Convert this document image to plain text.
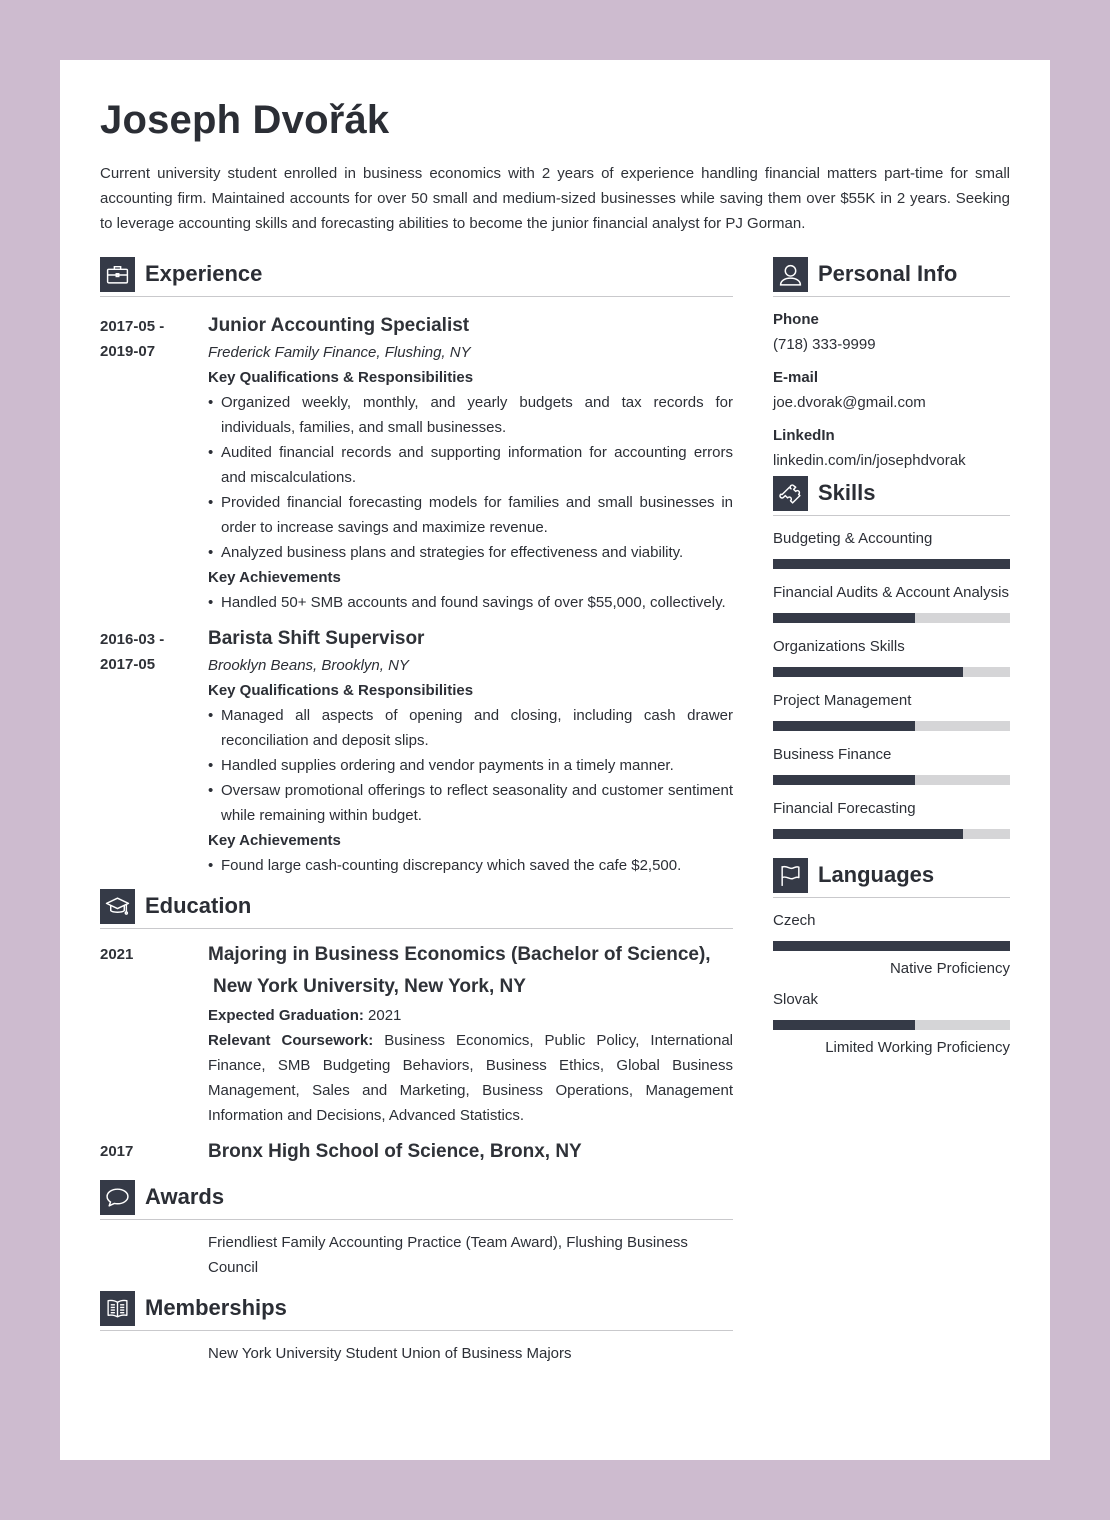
Joseph Dvořák

Current university student enrolled in business economics with 2 years of experience handling financial matters part-time for small accounting firm. Maintained accounts for over 50 small and medium-sized businesses while saving them over $55K in 2 years. Seeking to leverage accounting skills and forecasting abilities to become the junior financial analyst for PJ Gorman.

Experience
2017-05 -
2019-07
Junior Accounting Specialist
Frederick Family Finance, Flushing, NY
Key Qualifications & Responsibilities
• Organized weekly, monthly, and yearly budgets and tax records for individuals, families, and small businesses.
• Audited financial records and supporting information for accounting errors and miscalculations.
• Provided financial forecasting models for families and small businesses in order to increase savings and maximize revenue.
• Analyzed business plans and strategies for effectiveness and viability.
Key Achievements
• Handled 50+ SMB accounts and found savings of over $55,000, collectively.
2016-03 -
2017-05
Barista Shift Supervisor
Brooklyn Beans, Brooklyn, NY
Key Qualifications & Responsibilities
• Managed all aspects of opening and closing, including cash drawer reconciliation and deposit slips.
• Handled supplies ordering and vendor payments in a timely manner.
• Oversaw promotional offerings to reflect seasonality and customer sentiment while remaining within budget.
Key Achievements
• Found large cash-counting discrepancy which saved the cafe $2,500.
Education
2021	Majoring in Business Economics (Bachelor of Science),
New York University, New York, NY
Expected Graduation: 2021
Relevant Coursework: Business Economics, Public Policy, International Finance, SMB Budgeting Behaviors, Business Ethics, Global Business Management, Sales and Marketing, Business Operations, Management Information and Decisions, Advanced Statistics.
2017	Bronx High School of Science, Bronx, NY
Awards
Friendliest Family Accounting Practice (Team Award), Flushing Business Council
Memberships
New York University Student Union of Business Majors
Personal Info
Phone
(718) 333-9999
E-mail
joe.dvorak@gmail.com
LinkedIn
linkedin.com/in/josephdvorak
Skills
Budgeting & Accounting
Financial Audits & Account Analysis
Organizations Skills
Project Management
Business Finance
Financial Forecasting
Languages
Czech
Native Proficiency
Slovak
Limited Working Proficiency
